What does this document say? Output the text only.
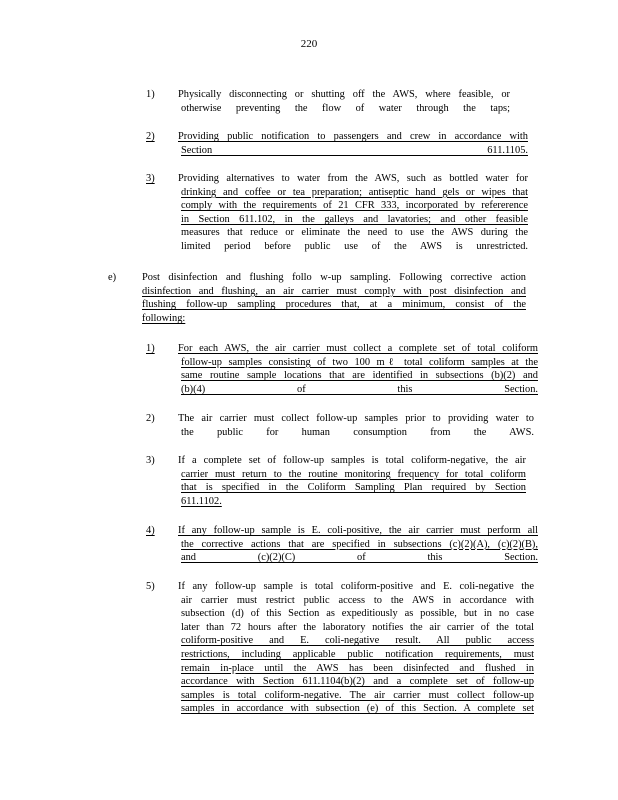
220
1) Physically disconnecting or shutting off the AWS, where feasible, or
otherwise preventing the flow of water through the taps;
2) Providing public notification to passengers and crew in accordance with
Section 611.1105.
3) Providing alternatives to water from the AWS, such as bottled water for
drinking and coffee or tea preparation; antiseptic hand gels or wipes that
comply with the requirements of 21 CFR 333, incorporated by refererence
in Section 611.102, in the galleys and lavatories; and other feasible
measures that reduce or eliminate the need to use the AWS during the
limited period before public use of the AWS is unrestricted.
e) Post disinfection and flushing follo w-up sampling. Following corrective action
disinfection and flushing, an air carrier must comply with post disinfection and
flushing follow-up sampling procedures that, at a minimum, consist of the
following:
1) For each AWS, the air carrier must collect a complete set of total coliform
follow-up samples consisting of two 100 mℓ total coliform samples at the
same routine sample locations that are identified in subsections (b)(2) and
(b)(4) of this Section.
2) The air carrier must collect follow-up samples prior to providing water to
the public for human consumption from the AWS.
3) If a complete set of follow-up samples is total coliform-negative, the air
carrier must return to the routine monitoring frequency for total coliform
that is specified in the Coliform Sampling Plan required by Section
611.1102.
4) If any follow-up sample is E. coli-positive, the air carrier must perform all
the corrective actions that are specified in subsections (c)(2)(A), (c)(2)(B),
and (c)(2)(C) of this Section.
5) If any follow-up sample is total coliform-positive and E. coli-negative the
air carrier must restrict public access to the AWS in accordance with
subsection (d) of this Section as expeditiously as possible, but in no case
later than 72 hours after the laboratory notifies the air carrier of the total
coliform-positive and E. coli-negative result. All public access
restrictions, including applicable public notification requirements, must
remain in-place until the AWS has been disinfected and flushed in
accordance with Section 611.1104(b)(2) and a complete set of follow-up
samples is total coliform-negative. The air carrier must collect follow-up
samples in accordance with subsection (e) of this Section. A complete set
